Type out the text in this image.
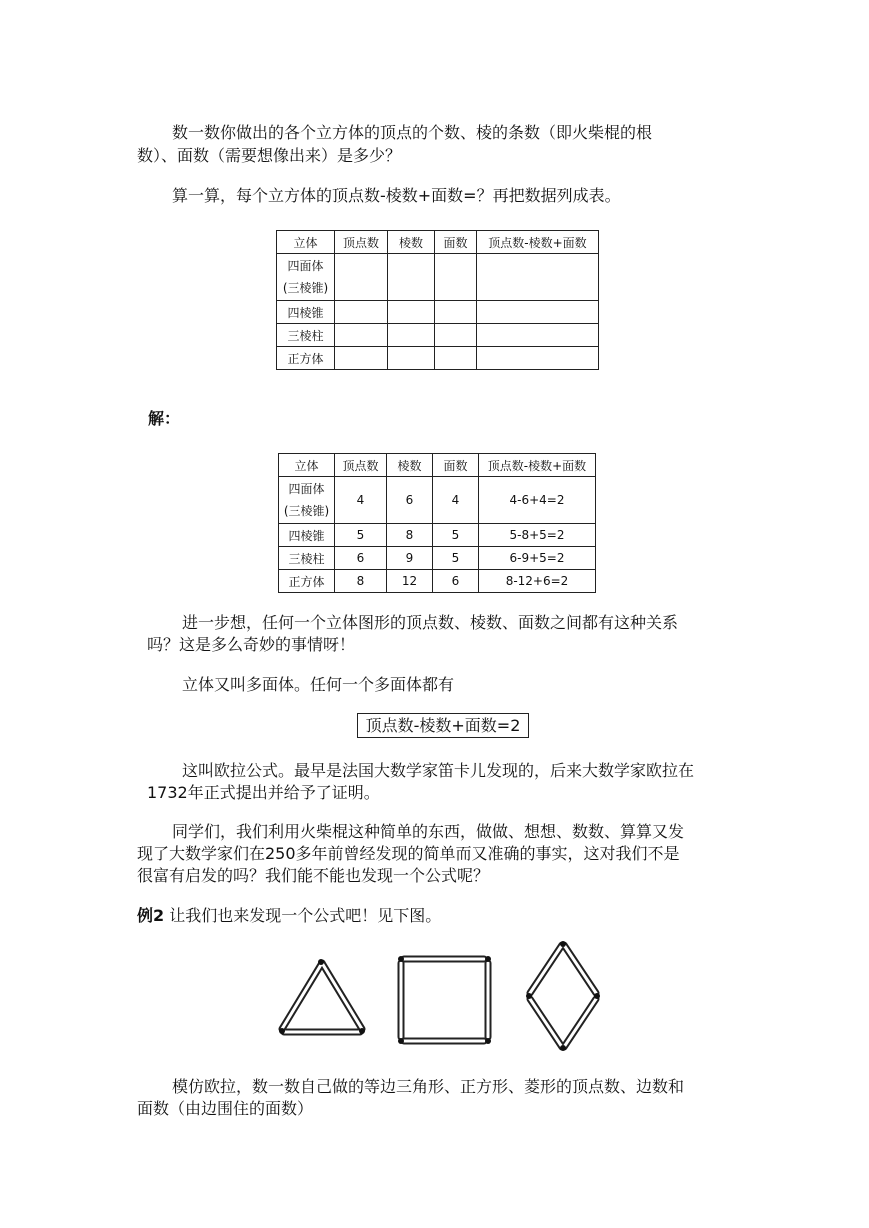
数一数你做出的各个立方体的顶点的个数、棱的条数（即火柴棍的根
数）、面数（需要想像出来）是多少？
算一算，每个立方体的顶点数-棱数+面数=？再把数据列成表。
立体	顶点数	棱数	面数	顶点数-棱数+面数

四面体
(三棱锥)				

四棱锥				
三棱柱				
正方体				
解：
立体	顶点数	棱数	面数	顶点数-棱数+面数

四面体
(三棱锥)	4	6	4	4-6+4=2
四棱锥	5	8	5	5-8+5=2
三棱柱	6	9	5	6-9+5=2
正方体	8	12	6	8-12+6=2
进一步想，任何一个立体图形的顶点数、棱数、面数之间都有这种关系
吗？这是多么奇妙的事情呀！
立体又叫多面体。任何一个多面体都有
顶点数-棱数+面数=2
这叫欧拉公式。最早是法国大数学家笛卡儿发现的，后来大数学家欧拉在
1732年正式提出并给予了证明。
同学们，我们利用火柴棍这种简单的东西，做做、想想、数数、算算又发
现了大数学家们在250多年前曾经发现的简单而又准确的事实，这对我们不是
很富有启发的吗？我们能不能也发现一个公式呢？
例2 让我们也来发现一个公式吧！见下图。
模仿欧拉，数一数自己做的等边三角形、正方形、菱形的顶点数、边数和
面数（由边围住的面数）
